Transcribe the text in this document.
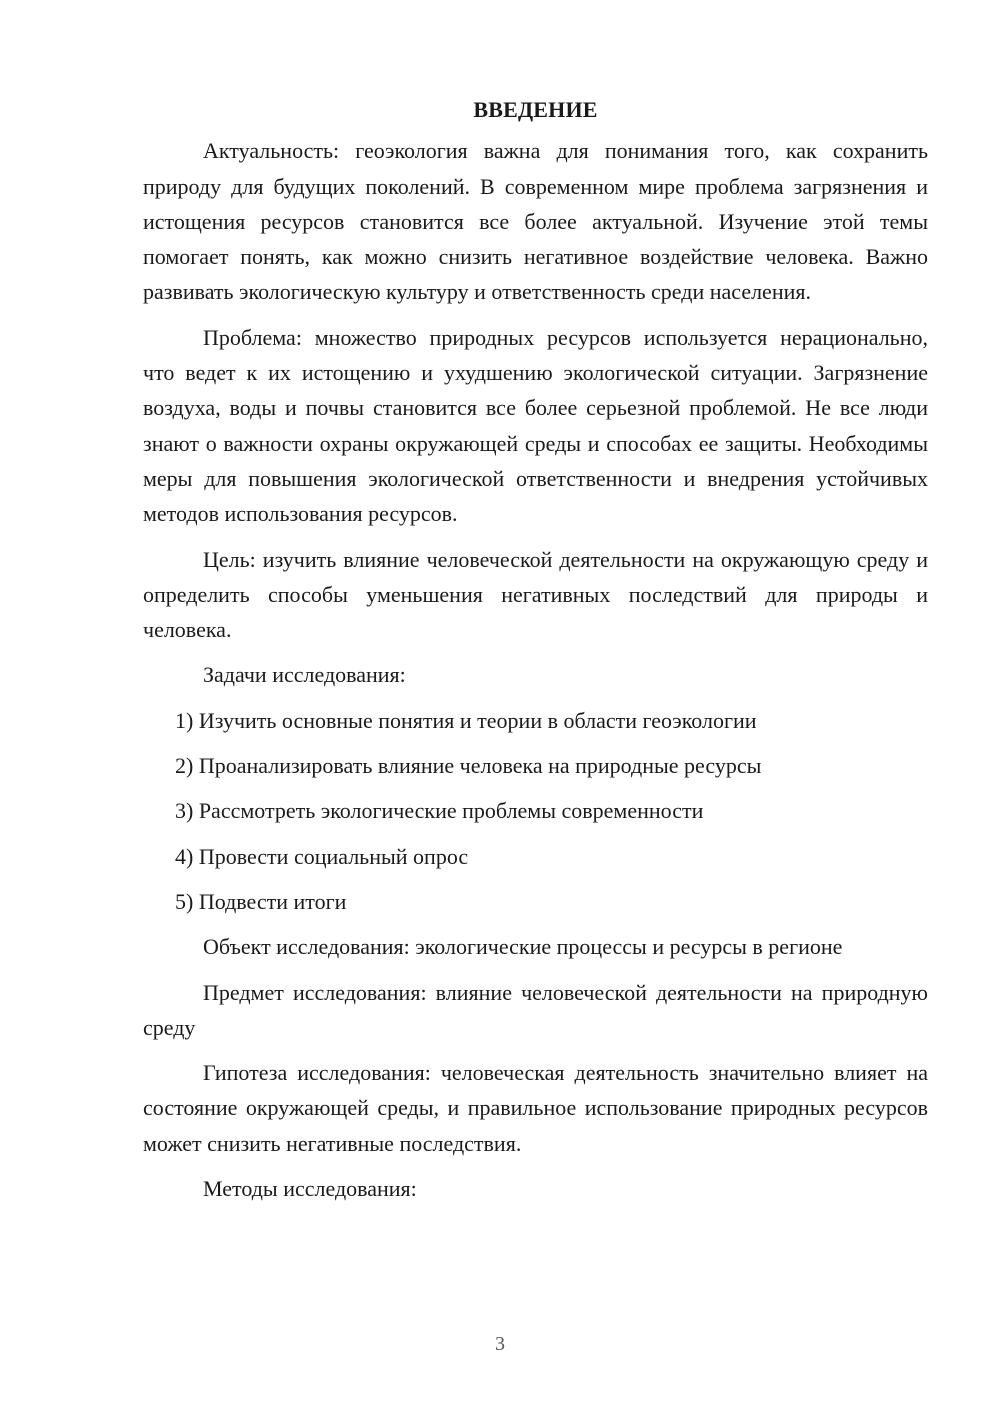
ВВЕДЕНИЕ

Актуальность: геоэкология важна для понимания того, как сохранить природу для будущих поколений. В современном мире проблема загрязнения и истощения ресурсов становится все более актуальной. Изучение этой темы помогает понять, как можно снизить негативное воздействие человека. Важно развивать экологическую культуру и ответственность среди населения.

Проблема: множество природных ресурсов используется нерационально, что ведет к их истощению и ухудшению экологической ситуации. Загрязнение воздуха, воды и почвы становится все более серьезной проблемой. Не все люди знают о важности охраны окружающей среды и способах ее защиты. Необходимы меры для повышения экологической ответственности и внедрения устойчивых методов использования ресурсов.

Цель: изучить влияние человеческой деятельности на окружающую среду и определить способы уменьшения негативных последствий для природы и человека.

Задачи исследования:

1) Изучить основные понятия и теории в области геоэкологии

2) Проанализировать влияние человека на природные ресурсы

3) Рассмотреть экологические проблемы современности

4) Провести социальный опрос

5) Подвести итоги

Объект исследования: экологические процессы и ресурсы в регионе

Предмет исследования: влияние человеческой деятельности на природную среду

Гипотеза исследования: человеческая деятельность значительно влияет на состояние окружающей среды, и правильное использование природных ресурсов может снизить негативные последствия.

Методы исследования:

3
